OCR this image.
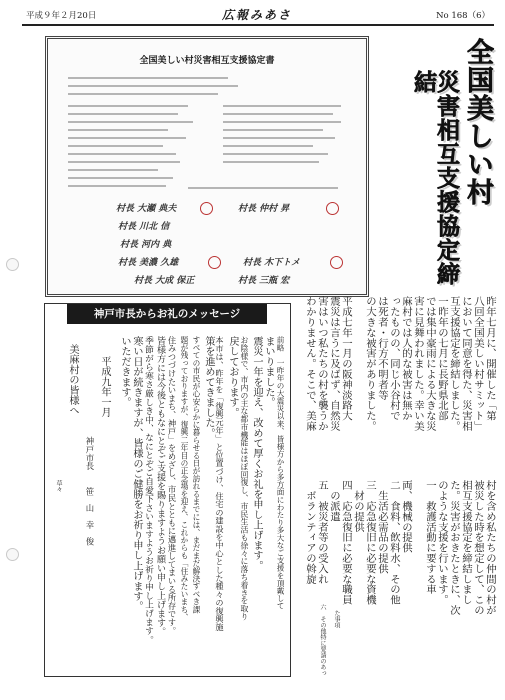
平成９年２月20日	広報みあさ	No 168（6）
全国美しい村災害相互支援協定書
村長 大瀬 典夫
村長 川北 信
村長 河内 典
村長 美濃 久雄
村長 大成 保正
村長 仲村 昇
村長 木下トメ
村長 三瓶 宏
全国美しい村
災害相互支援協定締結
昨年七月に、開催した「第
八回全国美しい村サミット」
において同意を得た、災害相
互支援協定を締結しました。
一昨年の七月に長野県北部
では集中豪雨による大きな災
害に見舞われました。幸い美
麻村では人的な被害は無か
ったものの、同じ小谷村で
は死者・行方不明者等
の大きな被害がありました。
平成七年一月の阪神淡路大
震災は言うに及ばず、自然災
害はいつ私たちの村を襲うか
わかりません。そこで、美麻
村を含め私たちの仲間の村が
被災した時を想定して、この
相互支援協定を締結しまし
た。災害がおきたときに、次
のような支援を行います。
一　救護活動に要する車
両、機械の提供
二　食料、飲料水、その他
　生活必需品の提供
三　応急復旧に必要な資機
　材の提供
四　応急復旧に必要な職員
　の派遣
五　被災者等の受入れ
　ボランティアの斡旋
六　その他特に要請のあっ 　た事項
神戸市長からお礼のメッセージ
前略　一昨年の大震災以来、皆様方から多方面にわたり多大なご支援を頂戴して
まいりました。
震災一年を迎え、改めて厚くお礼を申し上げます。
お陰様で、市内の主な都市機能はほぼ回復し、市民生活も徐々に落ち着きを取り
戻しております。
本市は、昨年を「復興元年」と位置づけ、住宅の建設を中心とした種々の復興施
策を進めてきました。
すべての市民が心安らかに暮らせる日が訪れるまでには、まだまだ解決すべき課
題が残っておりますが、復興二年目の正念場を迎え、これからも「住みたいまち、
住みつづけたいまち、神戸」をめざし、市民とともに邁進してまいる所存です。
皆様方には今後ともなにとぞご支援を賜りますようお願い申し上げます。
季節がら寒さ厳しき中、なにとぞご自愛下さいますようお祈り申し上げます。
寒い日が続きますが、皆様のご健勝をお祈り申し上げます。
いただきます。
平成九年一月
　　　　　　　　　　　　神戸市長　　笹　山　幸　俊
美麻村の皆様へ
　　　　　　　　　　　　　　　　　　　　　　　　草々
